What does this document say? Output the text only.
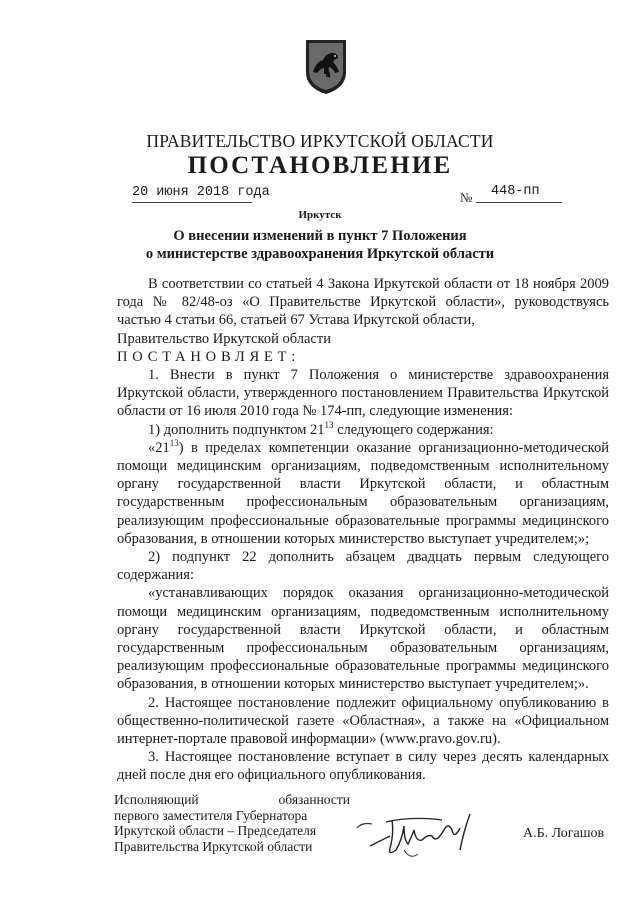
ПРАВИТЕЛЬСТВО ИРКУТСКОЙ ОБЛАСТИ
ПОСТАНОВЛЕНИЕ
20 июня 2018 года	№ 448-пп
Иркутск
О внесении изменений в пункт 7 Положения
о министерстве здравоохранения Иркутской области

В соответствии со статьей 4 Закона Иркутской области от 18 ноября 2009 года № 82/48-оз «О Правительстве Иркутской области», руководствуясь частью 4 статьи 66, статьей 67 Устава Иркутской области,

Правительство Иркутской области

ПОСТАНОВЛЯЕТ:

1. Внести в пункт 7 Положения о министерстве здравоохранения Иркутской области, утвержденного постановлением Правительства Иркутской области от 16 июля 2010 года № 174-пп, следующие изменения:

1) дополнить подпунктом $21^{13}$ следующего содержания:

«$21^{13}$) в пределах компетенции оказание организационно-методической помощи медицинским организациям, подведомственным исполнительному органу государственной власти Иркутской области, и областным государственным профессиональным образовательным организациям, реализующим профессиональные образовательные программы медицинского образования, в отношении которых министерство выступает учредителем;»;

2) подпункт 22 дополнить абзацем двадцать первым следующего содержания:

«устанавливающих порядок оказания организационно-методической помощи медицинским организациям, подведомственным исполнительному органу государственной власти Иркутской области, и областным государственным профессиональным образовательным организациям, реализующим профессиональные образовательные программы медицинского образования, в отношении которых министерство выступает учредителем;».

2. Настоящее постановление подлежит официальному опубликованию в общественно-политической газете «Областная», а также на «Официальном интернет-портале правовой информации» (www.pravo.gov.ru).

3. Настоящее постановление вступает в силу через десять календарных дней после дня его официального опубликования.

Исполняющий	обязанности
первого заместителя Губернатора
Иркутской области – Председателя
Правительства Иркутской области
А.Б. Логашов
